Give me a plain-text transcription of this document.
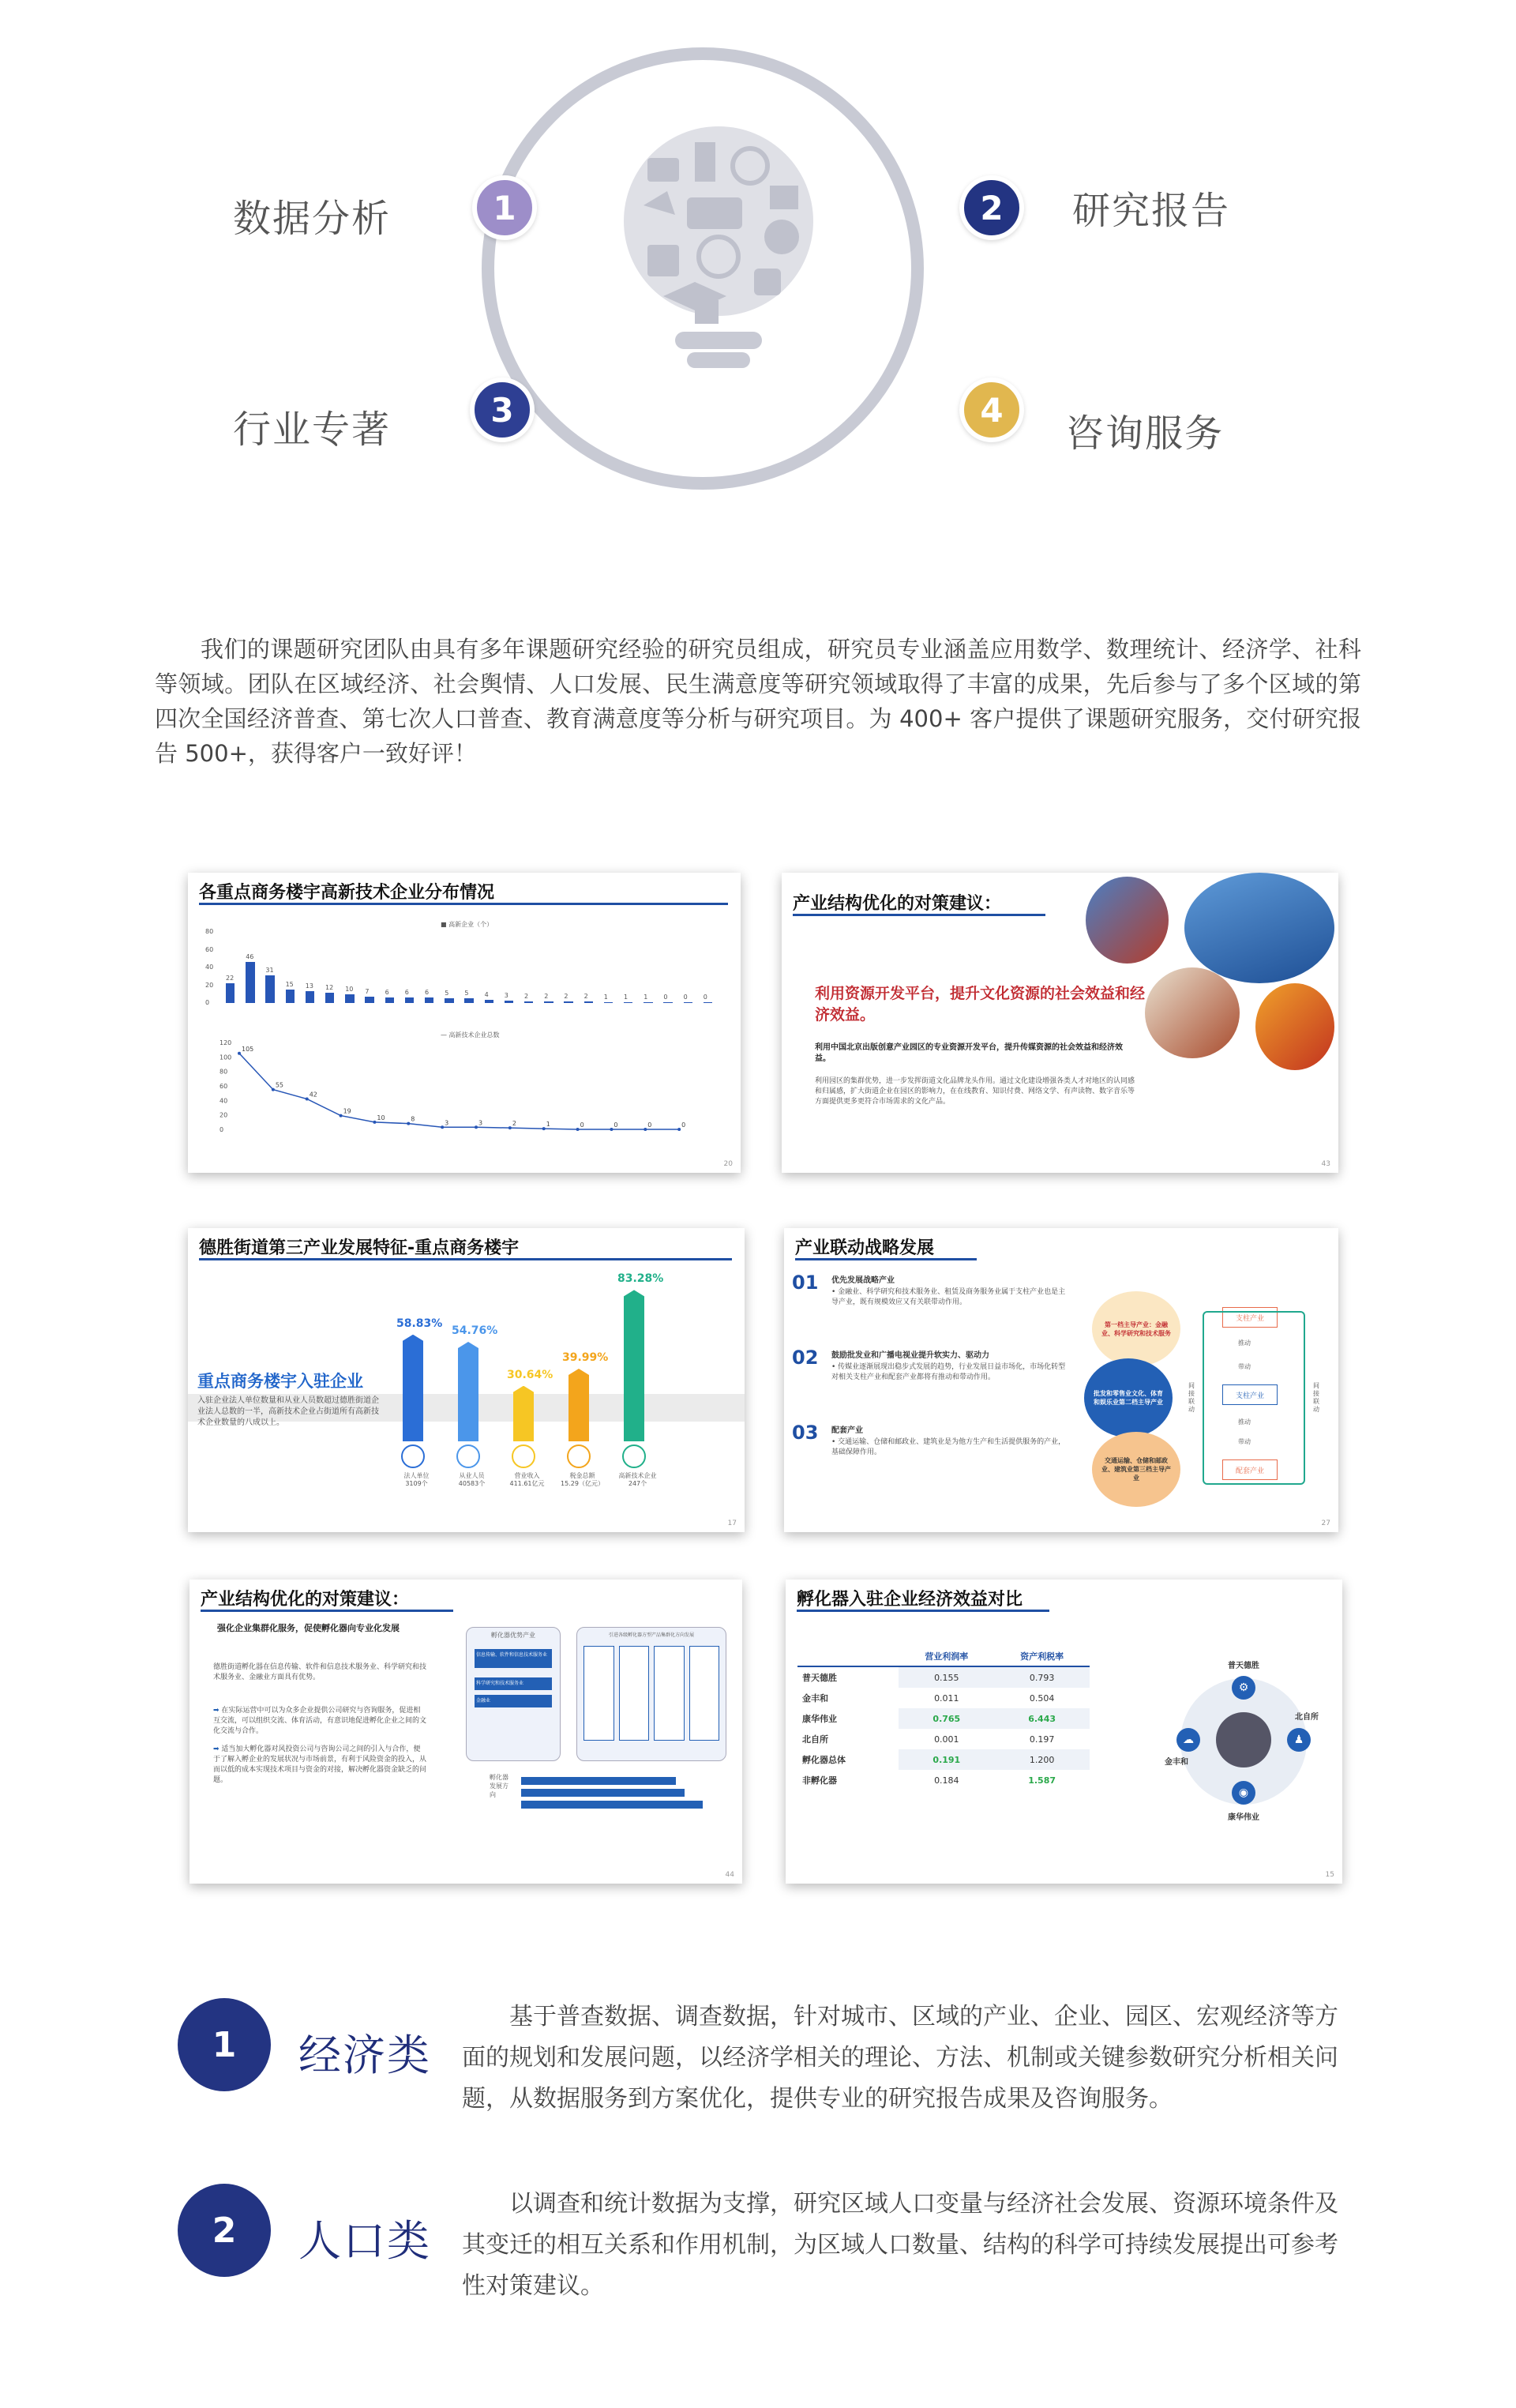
数据分析	1	研究报告
2
行业专著	3
咨询服务
4

我们的课题研究团队由具有多年课题研究经验的研究员组成，研究员专业涵盖应用数学、数理统计、经济学、社科等领域。团队在区域经济、社会舆情、人口发展、民生满意度等研究领域取得了丰富的成果，先后参与了多个区域的第四次全国经济普查、第七次人口普查、教育满意度等分析与研究项目。为 400+ 客户提供了课题研究服务，交付研究报告 500+，获得客户一致好评！

各重点商务楼宇高新技术企业分布情况
■ 高新企业（个）
80
60
40
20
0
22
46
31
15 13 12 10 7	6	6	6	5	5	4	3	2	2	2	2	1	1	1	0	0	0
— 高新技术企业总数
120
100
80
60
40
20
0
105
55
42
19
10	8
3	3	2	1	0	0	0	0
20
产业结构优化的对策建议：
利用资源开发平台，提升文化资源的社会效益和经济效益。
利用中国北京出版创意产业园区的专业资源开发平台，提升传媒资源的社会效益和经济效益。
利用园区的集群优势，进一步发挥街道文化品牌龙头作用。通过文化建设增强各类人才对地区的认同感和归属感，扩大街道企业在园区的影响力，在在线教育、知识付费、网络文学、有声读物、数字音乐等方面提供更多更符合市场需求的文化产品。
43
德胜街道第三产业发展特征-重点商务楼宇
重点商务楼宇入驻企业
入驻企业法人单位数量和从业人员数超过德胜街道企业法人总数的一半，高新技术企业占街道所有高新技术企业数量的八成以上。
58.83%
法人单位
3109个
54.76%
从业人员
40583个
30.64%
营业收入
411.61亿元
39.99%
税金总额
15.29（亿元）
83.28%
高新技术企业
247个
17
产业联动战略发展
01 优先发展战略产业
• 金融业、科学研究和技术服务业、租赁及商务服务业属于支柱产业也是主导产业，既有规模效应又有关联带动作用。
02 鼓励批发业和广播电视业提升软实力、驱动力
• 传媒业逐渐展现出稳步式发展的趋势，行业发展日益市场化，市场化转型对相关支柱产业和配套产业都将有推动和带动作用。
03 配套产业
• 交通运输、仓储和邮政业、建筑业是为他方生产和生活提供服务的产业，基础保障作用。
第一档主导产业：金融业、科学研究和技术服务
批发和零售业文化、体育和娱乐业第二档主导产业
交通运输、仓储和邮政业、建筑业第三档主导产业
支柱产业
支柱产业
配套产业
推动
带动
推动
带动
间接联动
间接联动
27
产业结构优化的对策建议：
强化企业集群化服务，促使孵化器向专业化发展
德胜街道孵化器在信息传输、软件和信息技术服务业、科学研究和技术服务业、金融业方面具有优势。
➡ 在实际运营中可以为众多企业提供公司研究与咨询服务，促进相互交流，可以组织交流、体育活动，有意识地促进孵化企业之间的文化交流与合作。
➡ 适当加大孵化器对风投资公司与咨询公司之间的引入与合作，便于了解入孵企业的发展状况与市场前景，有利于风险资金的投入，从而以低的成本实现技术项目与资金的对接，解决孵化器资金缺乏的问题。
孵化器优势产业
信息传输、软件和信息技术服务业
科学研究和技术服务业
金融业
引进各级孵化器方型产品集群化方向发展
孵化器发展方向
44
孵化器入驻企业经济效益对比
	营业利润率	资产利税率
普天德胜	0.155	0.793
金丰和	0.011	0.504
康华伟业	0.765	6.443
北自所	0.001	0.197
孵化器总体	0.191	1.200
非孵化器	0.184	1.587
⚙
♟
◉
☁
普天德胜
北自所
康华伟业
金丰和
15
1	经济类

基于普查数据、调查数据，针对城市、区域的产业、企业、园区、宏观经济等方面的规划和发展问题，以经济学相关的理论、方法、机制或关键参数研究分析相关问题，从数据服务到方案优化，提供专业的研究报告成果及咨询服务。

2	人口类

以调查和统计数据为支撑，研究区域人口变量与经济社会发展、资源环境条件及其变迁的相互关系和作用机制，为区域人口数量、结构的科学可持续发展提出可参考性对策建议。
